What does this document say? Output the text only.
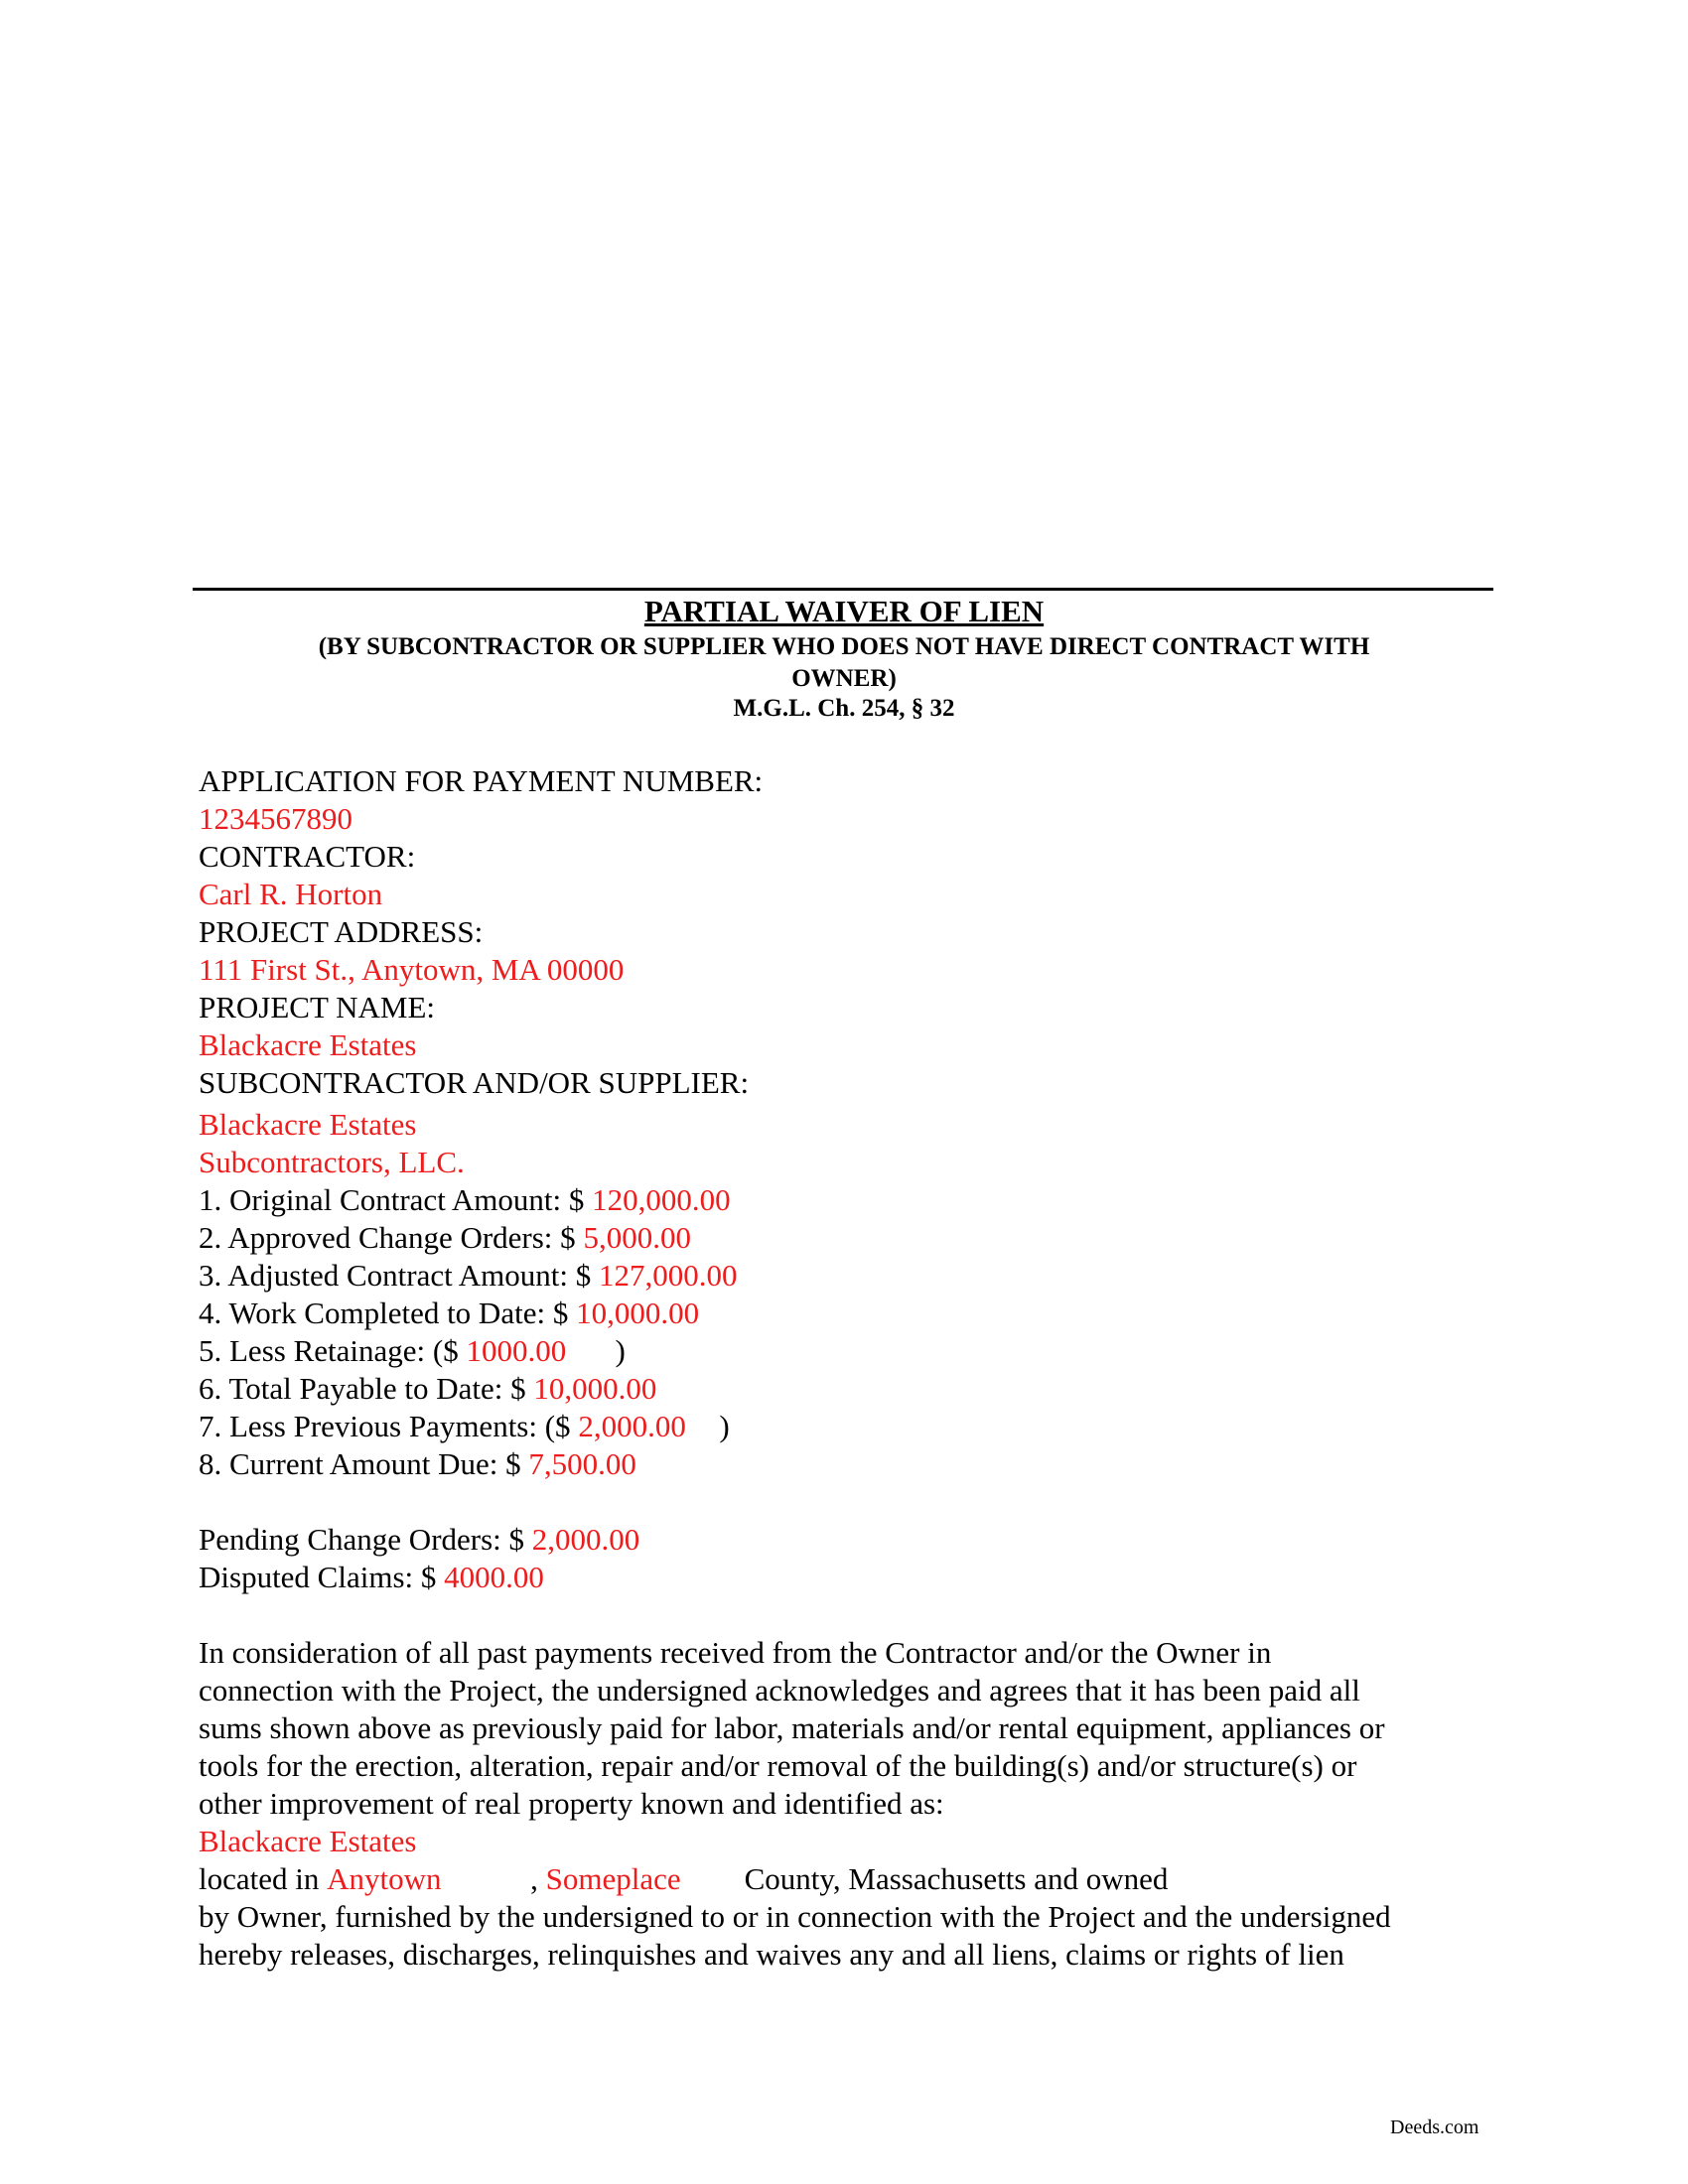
PARTIAL WAIVER OF LIEN
(BY SUBCONTRACTOR OR SUPPLIER WHO DOES NOT HAVE DIRECT CONTRACT WITH
OWNER)
M.G.L. Ch. 254, § 32
APPLICATION FOR PAYMENT NUMBER:
1234567890
CONTRACTOR:
Carl R. Horton
PROJECT ADDRESS:
111 First St., Anytown, MA 00000
PROJECT NAME:
Blackacre Estates
SUBCONTRACTOR AND/OR SUPPLIER:
Blackacre Estates
Subcontractors, LLC.
1. Original Contract Amount: $ 120,000.00
2. Approved Change Orders: $ 5,000.00
3. Adjusted Contract Amount: $ 127,000.00
4. Work Completed to Date: $ 10,000.00
5. Less Retainage: ($ 1000.00 )
6. Total Payable to Date: $ 10,000.00
7. Less Previous Payments: ($ 2,000.00 )
8. Current Amount Due: $ 7,500.00
Pending Change Orders: $ 2,000.00
Disputed Claims: $ 4000.00
In consideration of all past payments received from the Contractor and/or the Owner in
connection with the Project, the undersigned acknowledges and agrees that it has been paid all
sums shown above as previously paid for labor, materials and/or rental equipment, appliances or
tools for the erection, alteration, repair and/or removal of the building(s) and/or structure(s) or
other improvement of real property known and identified as:
Blackacre Estates
located in Anytown	, Someplace County, Massachusetts and owned
by Owner, furnished by the undersigned to or in connection with the Project and the undersigned
hereby releases, discharges, relinquishes and waives any and all liens, claims or rights of lien
Deeds.com
